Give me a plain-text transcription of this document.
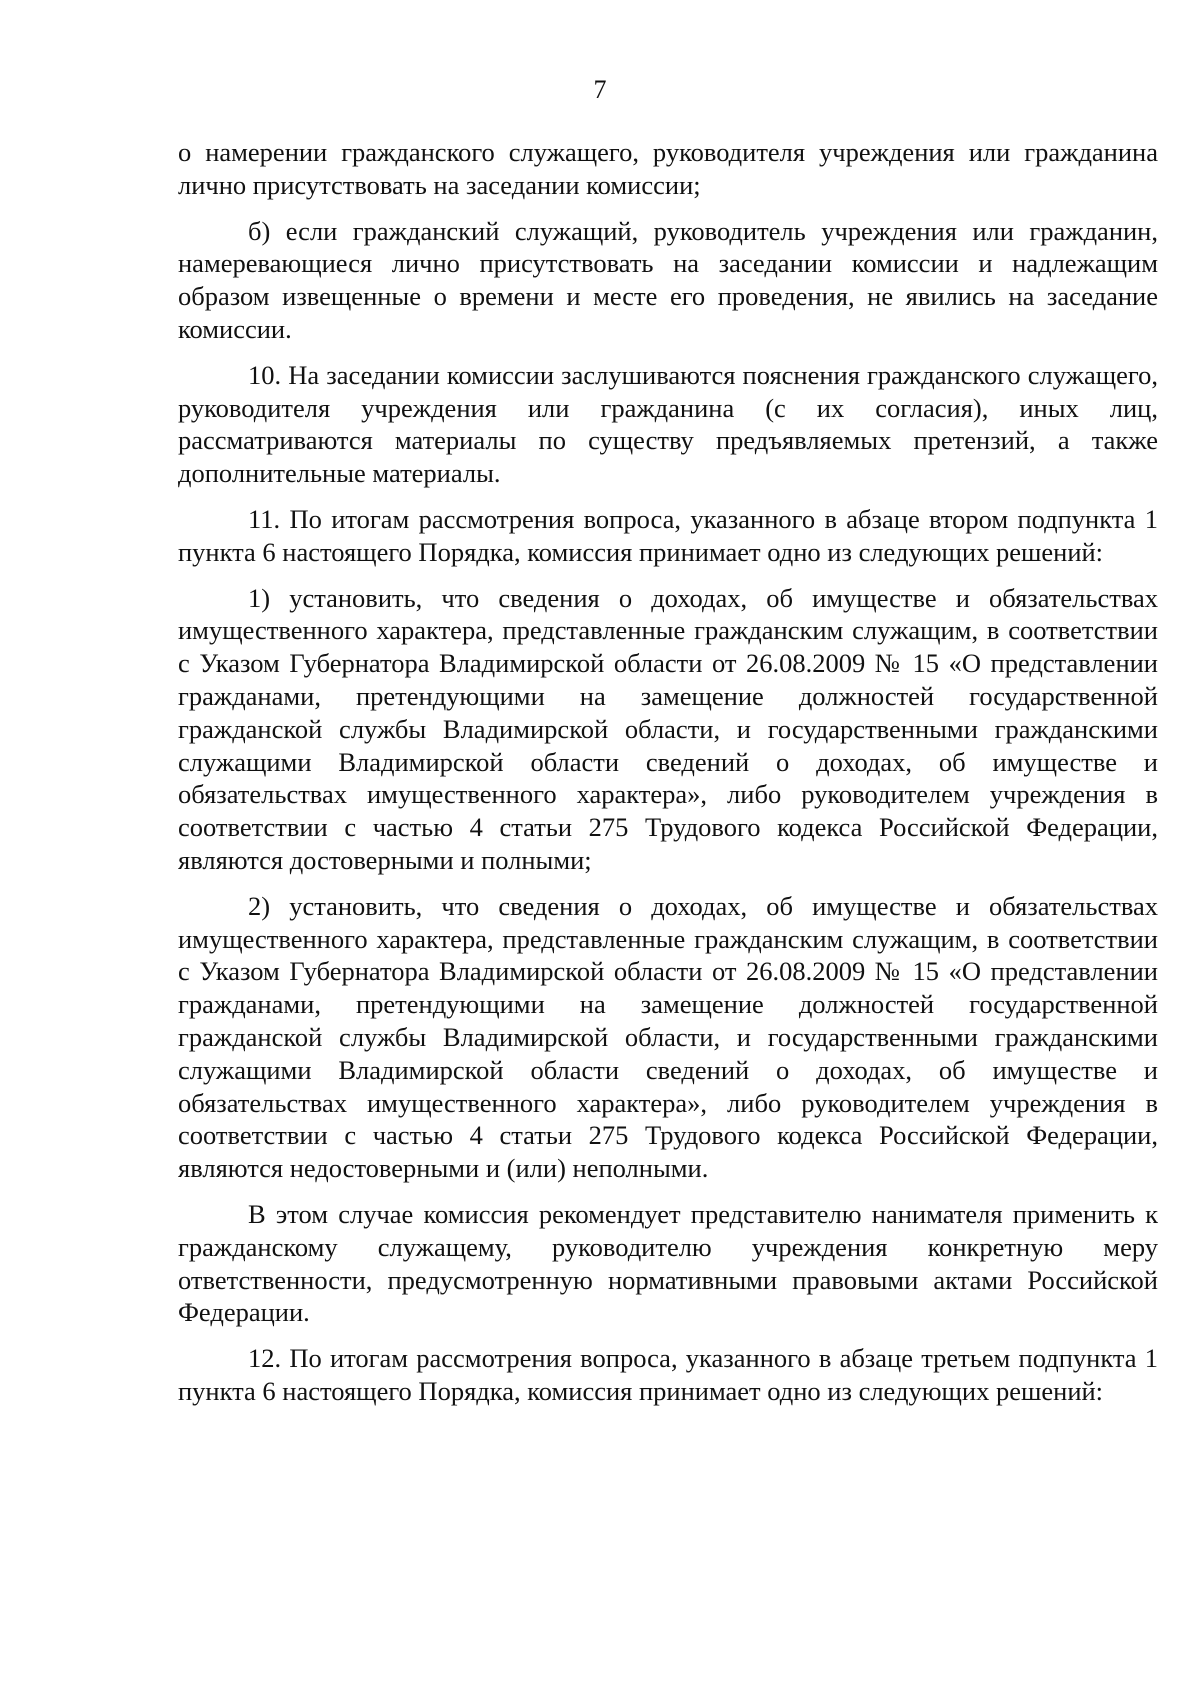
7

о намерении гражданского служащего, руководителя учреждения или гражданина лично присутствовать на заседании комиссии;

б) если гражданский служащий, руководитель учреждения или гражданин, намеревающиеся лично присутствовать на заседании комиссии и надлежащим образом извещенные о времени и месте его проведения, не явились на заседание комиссии.

10. На заседании комиссии заслушиваются пояснения гражданского служащего, руководителя учреждения или гражданина (с их согласия), иных лиц, рассматриваются материалы по существу предъявляемых претензий, а также дополнительные материалы.

11. По итогам рассмотрения вопроса, указанного в абзаце втором подпункта 1 пункта 6 настоящего Порядка, комиссия принимает одно из следующих решений:

1) установить, что сведения о доходах, об имуществе и обязательствах имущественного характера, представленные гражданским служащим, в соответствии с Указом Губернатора Владимирской области от 26.08.2009 № 15 «О представлении гражданами, претендующими на замещение должностей государственной гражданской службы Владимирской области, и государственными гражданскими служащими Владимирской области сведений о доходах, об имуществе и обязательствах имущественного характера», либо руководителем учреждения в соответствии с частью 4 статьи 275 Трудового кодекса Российской Федерации, являются достоверными и полными;

2) установить, что сведения о доходах, об имуществе и обязательствах имущественного характера, представленные гражданским служащим, в соответствии с Указом Губернатора Владимирской области от 26.08.2009 № 15 «О представлении гражданами, претендующими на замещение должностей государственной гражданской службы Владимирской области, и государственными гражданскими служащими Владимирской области сведений о доходах, об имуществе и обязательствах имущественного характера», либо руководителем учреждения в соответствии с частью 4 статьи 275 Трудового кодекса Российской Федерации, являются недостоверными и (или) неполными.

В этом случае комиссия рекомендует представителю нанимателя применить к гражданскому служащему, руководителю учреждения конкретную меру ответственности, предусмотренную нормативными правовыми актами Российской Федерации.

12. По итогам рассмотрения вопроса, указанного в абзаце третьем подпункта 1 пункта 6 настоящего Порядка, комиссия принимает одно из следующих решений:
